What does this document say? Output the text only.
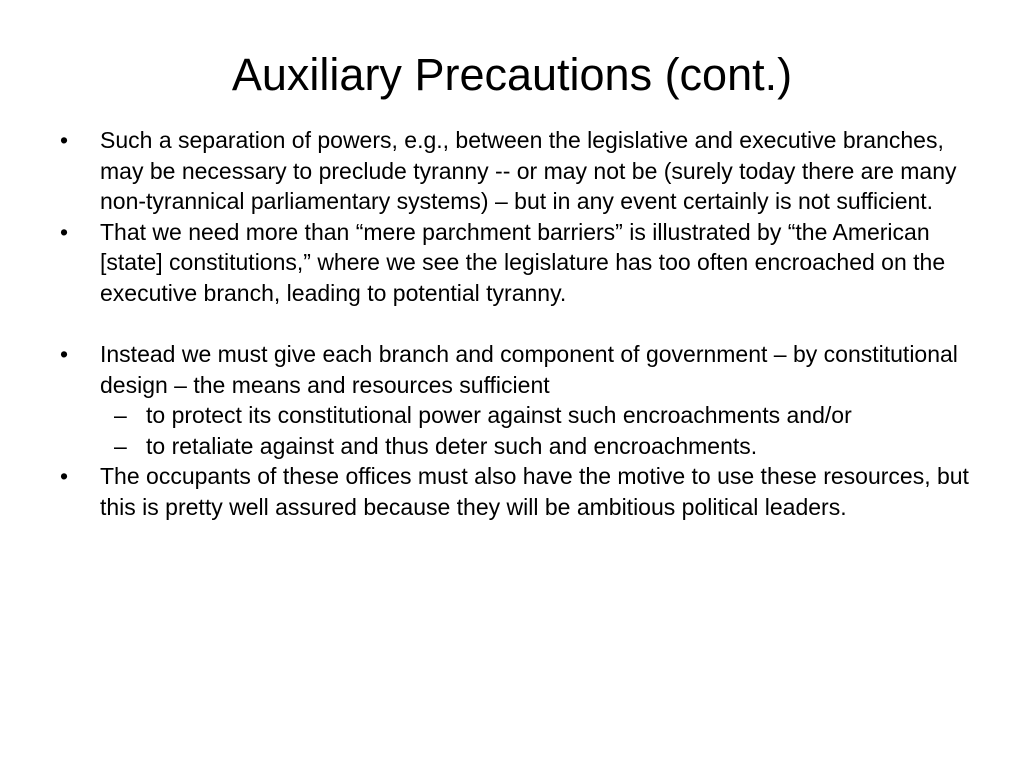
Auxiliary Precautions (cont.)

•	Such a separation of powers, e.g., between the legislative and executive branches, may be necessary to preclude tyranny -- or may not be (surely today there are many non-tyrannical parliamentary systems) – but in any event certainly is not sufficient.

•	That we need more than “mere parchment barriers” is illustrated by “the American [state] constitutions,” where we see the legislature has too often encroached on the executive branch, leading to potential tyranny.

•	Instead we must give each branch and component of government – by constitutional design – the means and resources sufficient

– to protect its constitutional power against such encroachments and/or

– to retaliate against and thus deter such and encroachments.

•	The occupants of these offices must also have the motive to use these resources, but this is pretty well assured because they will be ambitious political leaders.
